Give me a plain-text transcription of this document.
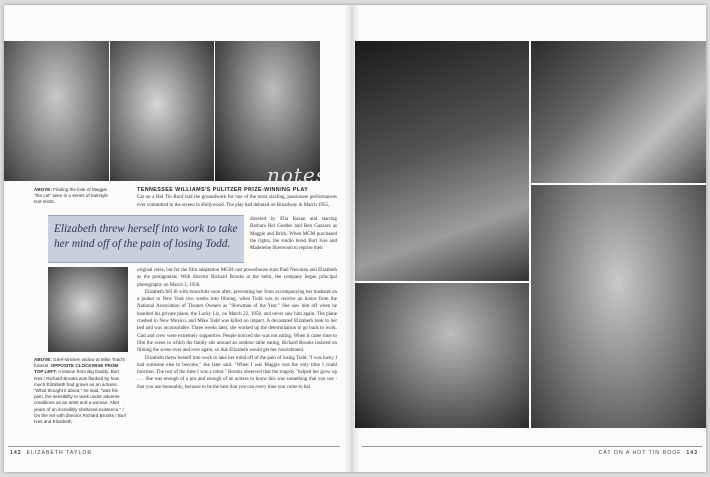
notes
ABOVE: Finding the look of Maggie "the cat" seen in a series of hairstyle test shots.

Elizabeth threw herself into work to take her mind off of the pain of losing Todd.

ABOVE: Grief-stricken widow at Mike Todd's funeral. OPPOSITE CLOCKWISE FROM TOP LEFT: A lesson from Big Daddy. Burl Ives / Richard Brooks was flanked by how much Elizabeth had grown as an actress. "What thought it about," he said, "was his pain, the sensibility to work under adverse conditions as an artist and a woman. After years of an incredibly sheltered existence." / On the set with director Richard Brooks / Burl Ives and Elizabeth
TENNESSEE WILLIAMS'S PULITZER PRIZE-WINNING PLAY
Cat on a Hot Tin Roof laid the groundwork for one of the most sizzling, passionate performances ever committed to the screen in Hollywood. The play had debuted on Broadway in March 1955,
directed by Elia Kazan and starring Barbara Bel Geddes and Ben Gazzara as Maggie and Brick. When MGM purchased the rights, the studio hired Burl Ives and Madeleine Sherwood to reprise their
original roles, but for the film adaptation MGM cast powerhouse stars Paul Newman and Elizabeth as the protagonists. With director Richard Brooks at the helm, the company began principal photography on March 3, 1958.

Elizabeth fell ill with bronchitis soon after, preventing her from accompanying her husband on a junket to New York two weeks into filming, when Todd was to receive an honor from the National Association of Theater Owners as "Showman of the Year." She saw him off when he boarded his private plane, the Lucky Liz, on March 22, 1958, and never saw him again. The plane crashed in New Mexico, and Mike Todd was killed on impact. A devastated Elizabeth took to her bed and was inconsolable. Three weeks later, she worked up the determination to go back to work. Cast and crew were extremely supportive. People noticed she was not eating. When it came time to film the scene in which the family sits around an outdoor table eating, Richard Brooks insisted on filming the scene over and over again, so that Elizabeth would get her nourishment.

Elizabeth threw herself into work to take her mind off of the pain of losing Todd. "I was lucky I had someone else to become," she later said. "When I was Maggie was the only time I could function. The rest of the time I was a robot." Brooks observed that the tragedy "helped her grow up . . . She was enough of a pro and enough of an actress to know this was something that you use - that you use honorably, because to be the best that you can every time you come to bat

142 ELIZABETH TAYLOR	CAT ON A HOT TIN ROOF 143
